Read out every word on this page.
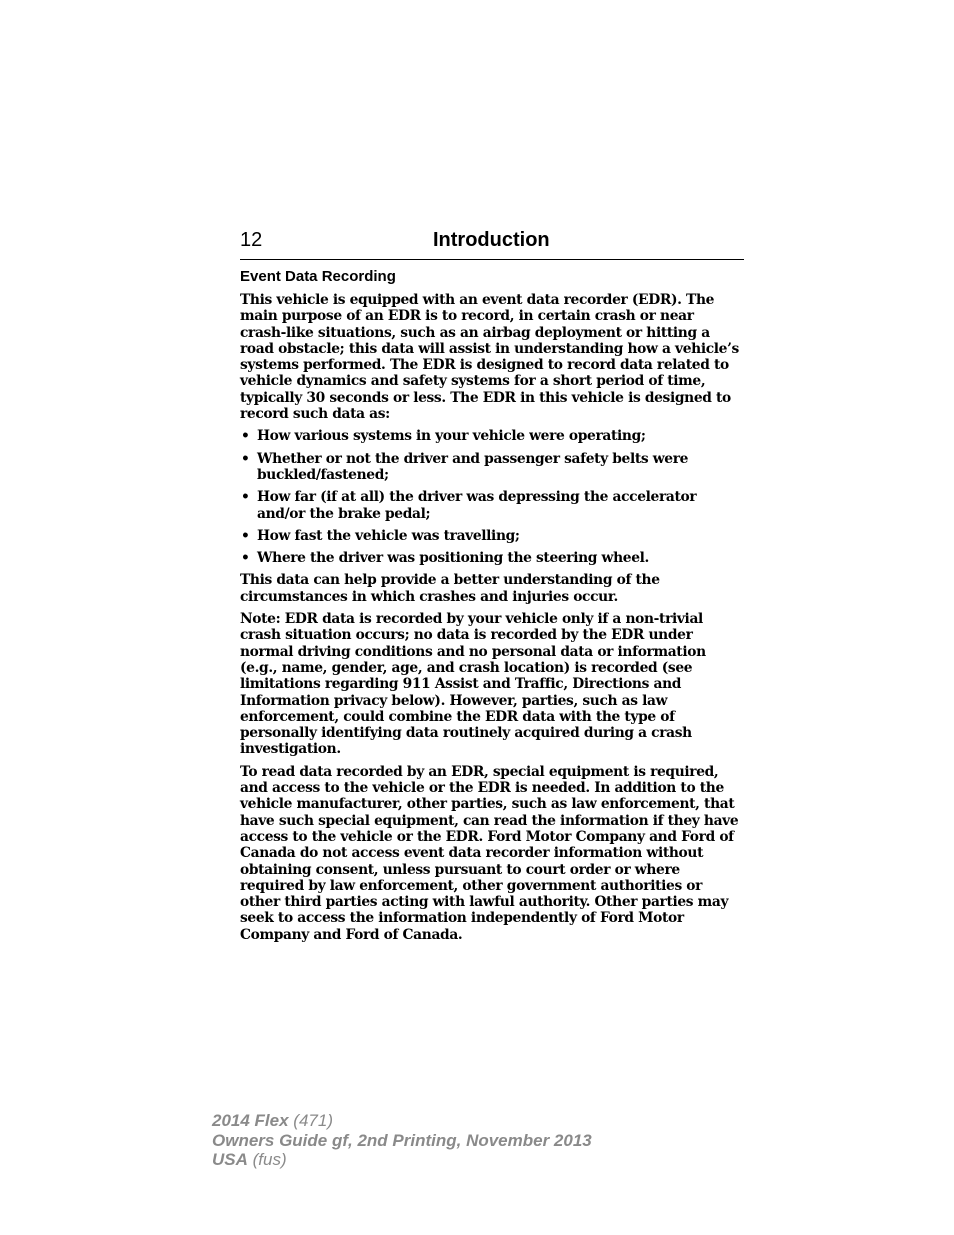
12	Introduction
Event Data Recording

This vehicle is equipped with an event data recorder (EDR). The main purpose of an EDR is to record, in certain crash or near crash-like situations, such as an airbag deployment or hitting a road obstacle; this data will assist in understanding how a vehicle’s systems performed. The EDR is designed to record data related to vehicle dynamics and safety systems for a short period of time, typically 30 seconds or less. The EDR in this vehicle is designed to record such data as:

• How various systems in your vehicle were operating;
• Whether or not the driver and passenger safety belts were buckled/fastened;
• How far (if at all) the driver was depressing the accelerator and/or the brake pedal;
• How fast the vehicle was travelling;
• Where the driver was positioning the steering wheel.

This data can help provide a better understanding of the circumstances in which crashes and injuries occur.

Note: EDR data is recorded by your vehicle only if a non-trivial crash situation occurs; no data is recorded by the EDR under normal driving conditions and no personal data or information (e.g., name, gender, age, and crash location) is recorded (see limitations regarding 911 Assist and Traffic, Directions and Information privacy below). However, parties, such as law enforcement, could combine the EDR data with the type of personally identifying data routinely acquired during a crash investigation.

To read data recorded by an EDR, special equipment is required, and access to the vehicle or the EDR is needed. In addition to the vehicle manufacturer, other parties, such as law enforcement, that have such special equipment, can read the information if they have access to the vehicle or the EDR. Ford Motor Company and Ford of Canada do not access event data recorder information without obtaining consent, unless pursuant to court order or where required by law enforcement, other government authorities or other third parties acting with lawful authority. Other parties may seek to access the information independently of Ford Motor Company and Ford of Canada.

2014 Flex (471)
Owners Guide gf, 2nd Printing, November 2013
USA (fus)
